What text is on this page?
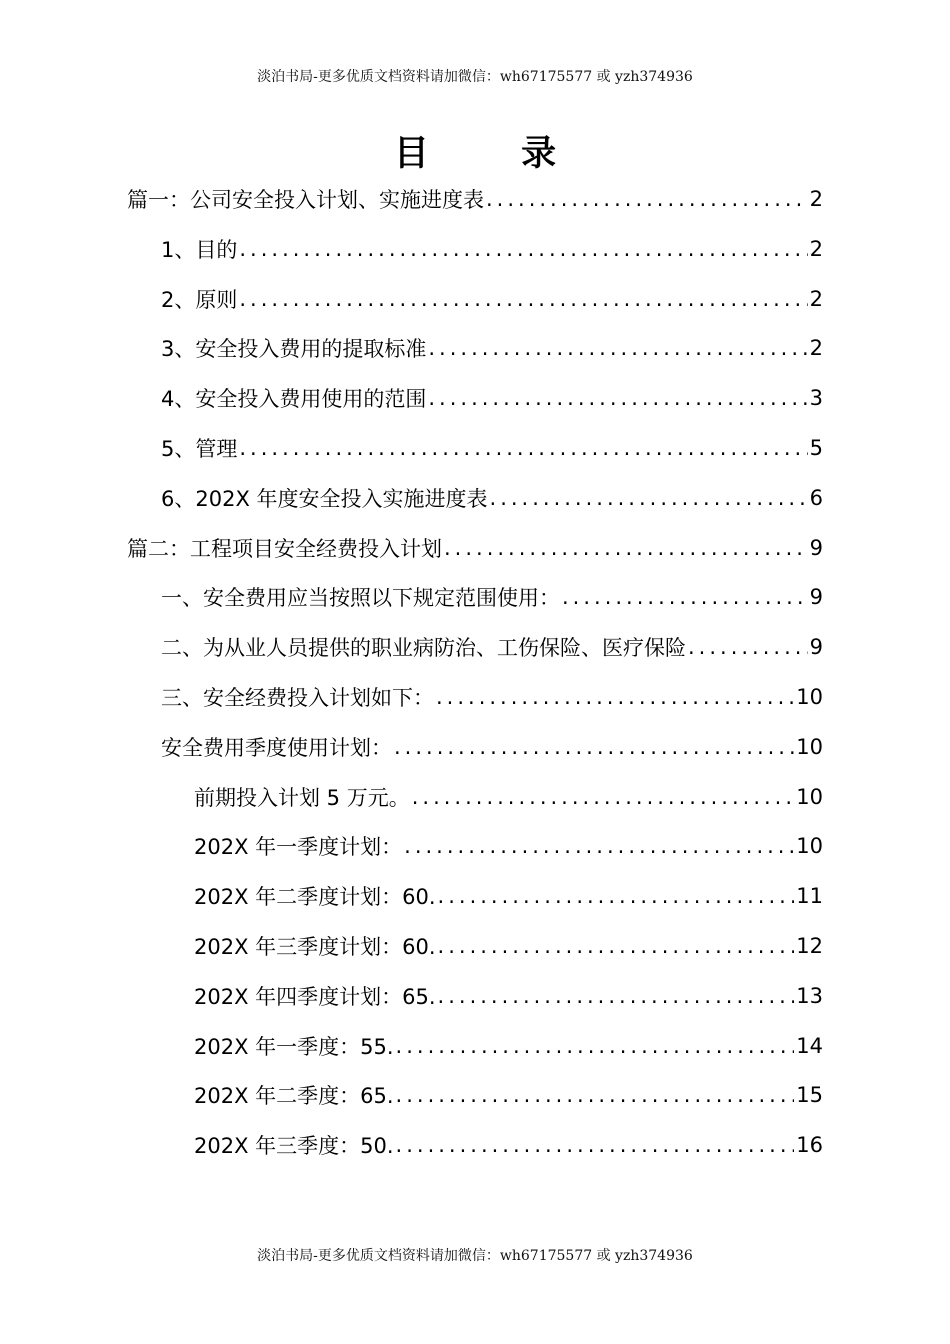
淡泊书局-更多优质文档资料请加微信：wh67175577 或 yzh374936
目 录
篇一：公司安全投入计划、实施进度表 .....	2
1、目的 .....	2
2、原则 .....	2
3、安全投入费用的提取标准 .....	2
4、安全投入费用使用的范围 .....	3
5、管理 .....	5
6、202X 年度安全投入实施进度表 .....	6
篇二：工程项目安全经费投入计划 .....	9
一、安全费用应当按照以下规定范围使用： .....	9
二、为从业人员提供的职业病防治、工伤保险、医疗保险 .....	9
三、安全经费投入计划如下： .....	10
安全费用季度使用计划： .....	10
前期投入计划 5 万元。 .....	10
202X 年一季度计划： .....	10
202X 年二季度计划：60. .....	11
202X 年三季度计划：60. .....	12
202X 年四季度计划：65. .....	13
202X 年一季度：55. .....	14
202X 年二季度：65. .....	15
202X 年三季度：50. .....	16
淡泊书局-更多优质文档资料请加微信：wh67175577 或 yzh374936
